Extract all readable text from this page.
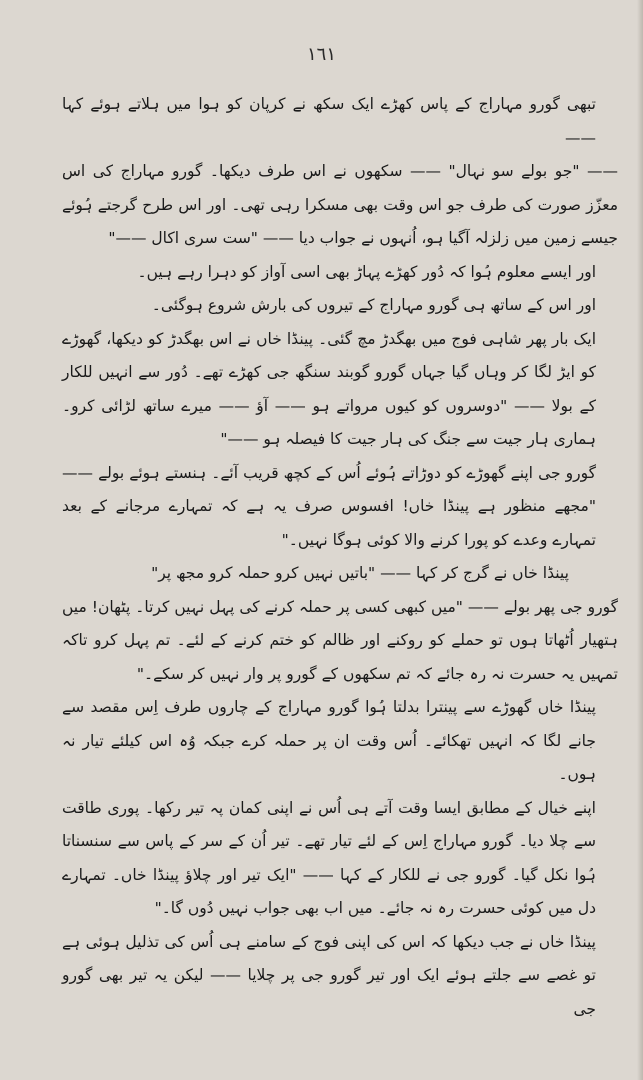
١٦١

تبھی گورو مہاراج کے پاس کھڑے ایک سکھ نے کرپان کو ہوا میں ہلاتے ہوئے کہا ——

—— "جو بولے سو نہال" —— سکھوں نے اس طرف دیکھا۔ گورو مہاراج کی اس معزّز صورت کی طرف جو اس وقت بھی مسکرا رہی تھی۔ اور اس طرح گرجتے ہُوئے جیسے زمین میں زلزلہ آگیا ہو، اُنہوں نے جواب دیا —— "ست سری اکال ——"

اور ایسے معلوم ہُوا کہ دُور کھڑے پہاڑ بھی اسی آواز کو دہرا رہے ہیں۔

اور اس کے ساتھ ہی گورو مہاراج کے تیروں کی بارش شروع ہوگئی۔

ایک بار پھر شاہی فوج میں بھگدڑ مچ گئی۔ پینڈا خاں نے اس بھگدڑ کو دیکھا، گھوڑے کو ایڑ لگا کر وہاں گیا جہاں گورو گوبند سنگھ جی کھڑے تھے۔ دُور سے انہیں للکار کے بولا —— "دوسروں کو کیوں مرواتے ہو —— آؤ —— میرے ساتھ لڑائی کرو۔ ہماری ہار جیت سے جنگ کی ہار جیت کا فیصلہ ہو ——"

گورو جی اپنے گھوڑے کو دوڑاتے ہُوئے اُس کے کچھ قریب آئے۔ ہنستے ہوئے بولے —— "مجھے منظور ہے پینڈا خاں! افسوس صرف یہ ہے کہ تمہارے مرجانے کے بعد تمہارے وعدے کو پورا کرنے والا کوئی ہوگا نہیں۔"

پینڈا خاں نے گرج کر کہا —— "باتیں نہیں کرو حملہ کرو مجھ پر"

گورو جی پھر بولے —— "میں کبھی کسی پر حملہ کرنے کی پہل نہیں کرتا۔ پٹھان! میں ہتھیار اُٹھاتا ہوں تو حملے کو روکنے اور ظالم کو ختم کرنے کے لئے۔ تم پہل کرو تاکہ تمہیں یہ حسرت نہ رہ جائے کہ تم سکھوں کے گورو پر وار نہیں کر سکے۔"

پینڈا خاں گھوڑے سے پینترا بدلتا ہُوا گورو مہاراج کے چاروں طرف اِس مقصد سے جانے لگا کہ انہیں تھکائے۔ اُس وقت ان پر حملہ کرے جبکہ وُہ اس کیلئے تیار نہ ہوں۔

اپنے خیال کے مطابق ایسا وقت آتے ہی اُس نے اپنی کمان پہ تیر رکھا۔ پوری طاقت سے چلا دیا۔ گورو مہاراج اِس کے لئے تیار تھے۔ تیر اُن کے سر کے پاس سے سنسناتا ہُوا نکل گیا۔ گورو جی نے للکار کے کہا —— "ایک تیر اور چلاؤ پینڈا خاں۔ تمہارے دل میں کوئی حسرت رہ نہ جائے۔ میں اب بھی جواب نہیں دُوں گا۔"

پینڈا خاں نے جب دیکھا کہ اس کی اپنی فوج کے سامنے ہی اُس کی تذلیل ہوئی ہے تو غصے سے جلتے ہوئے ایک اور تیر گورو جی پر چلایا —— لیکن یہ تیر بھی گورو جی
